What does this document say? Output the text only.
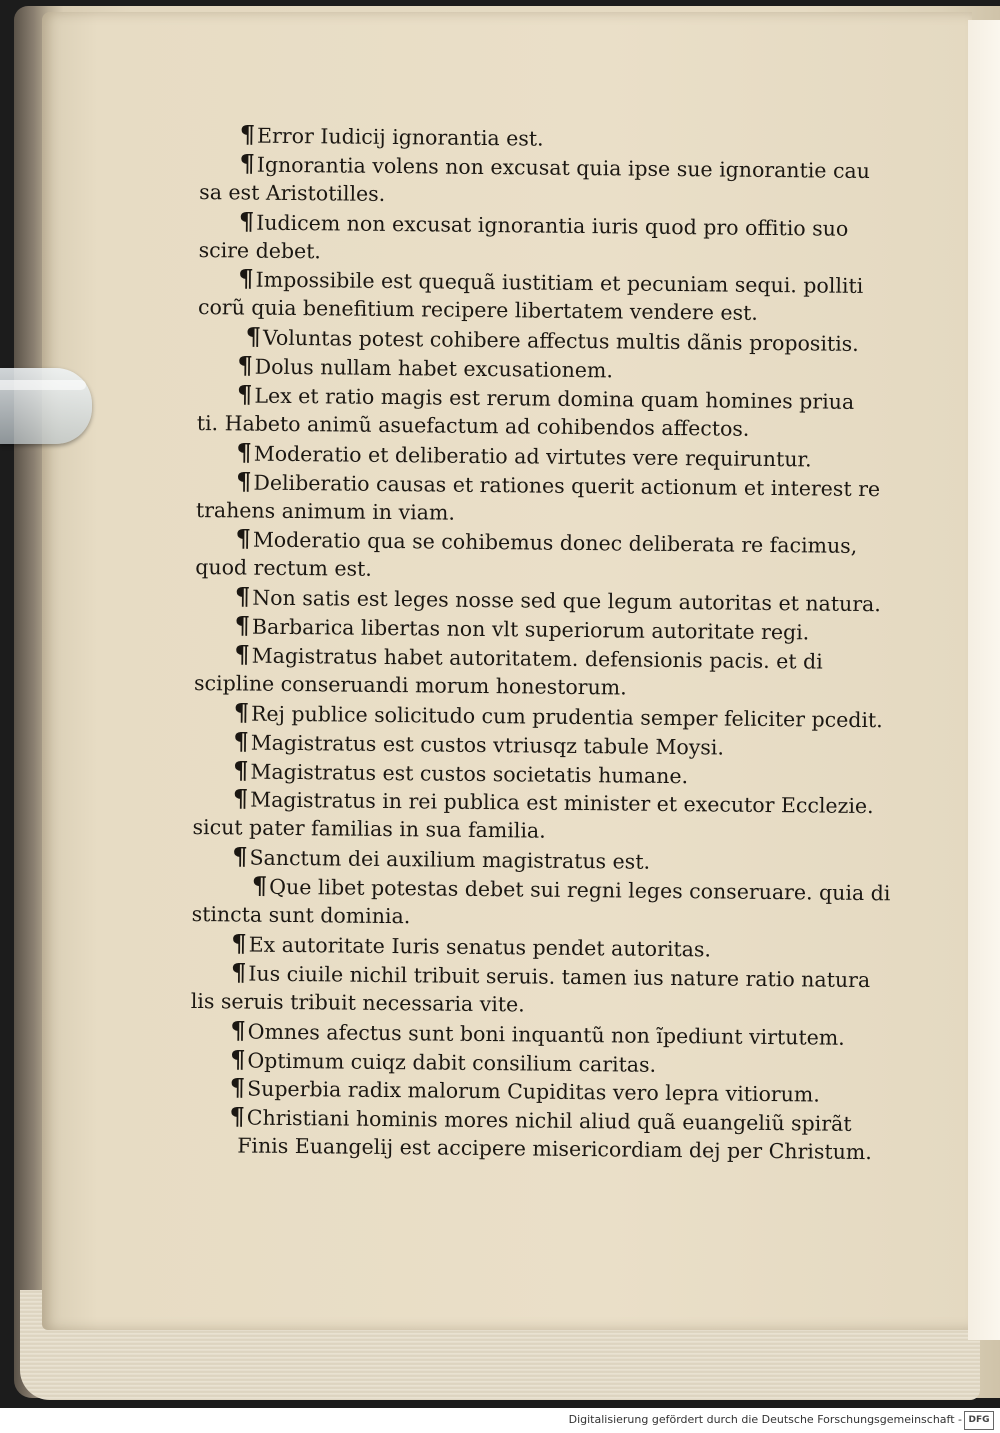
¶Error Iudicij ignorantia est.
¶Ignorantia volens non excusat quia ipse sue ignorantie cau
sa est Aristotilles.
¶Iudicem non excusat ignorantia iuris quod pro offitio suo
scire debet.
¶Impossibile est quequã iustitiam et pecuniam sequi. polliti
corũ quia benefitium recipere libertatem vendere est.
¶Voluntas potest cohibere affectus multis dãnis propositis.
¶Dolus nullam habet excusationem.
¶Lex et ratio magis est rerum domina quam homines priua
ti. Habeto animũ asuefactum ad cohibendos affectos.
¶Moderatio et deliberatio ad virtutes vere requiruntur.
¶Deliberatio causas et rationes querit actionum et interest re
trahens animum in viam.
¶Moderatio qua se cohibemus donec deliberata re facimus,
quod rectum est.
¶Non satis est leges nosse sed que legum autoritas et natura.
¶Barbarica libertas non vlt superiorum autoritate regi.
¶Magistratus habet autoritatem. defensionis pacis. et di
scipline conseruandi morum honestorum.
¶Rej publice solicitudo cum prudentia semper feliciter pcedit.
¶Magistratus est custos vtriusqz tabule Moysi.
¶Magistratus est custos societatis humane.
¶Magistratus in rei publica est minister et executor Ecclezie.
sicut pater familias in sua familia.
¶Sanctum dei auxilium magistratus est.
¶Que libet potestas debet sui regni leges conseruare. quia di
stincta sunt dominia.
¶Ex autoritate Iuris senatus pendet autoritas.
¶Ius ciuile nichil tribuit seruis. tamen ius nature ratio natura
lis seruis tribuit necessaria vite.
¶Omnes afectus sunt boni inquantũ non ĩpediunt virtutem.
¶Optimum cuiqz dabit consilium caritas.
¶Superbia radix malorum Cupiditas vero lepra vitiorum.
¶Christiani hominis mores nichil aliud quã euangeliũ spirãt
Finis Euangelij est accipere misericordiam dej per Christum.
Digitalisierung gefördert durch die Deutsche Forschungsgemeinschaft - DFG
